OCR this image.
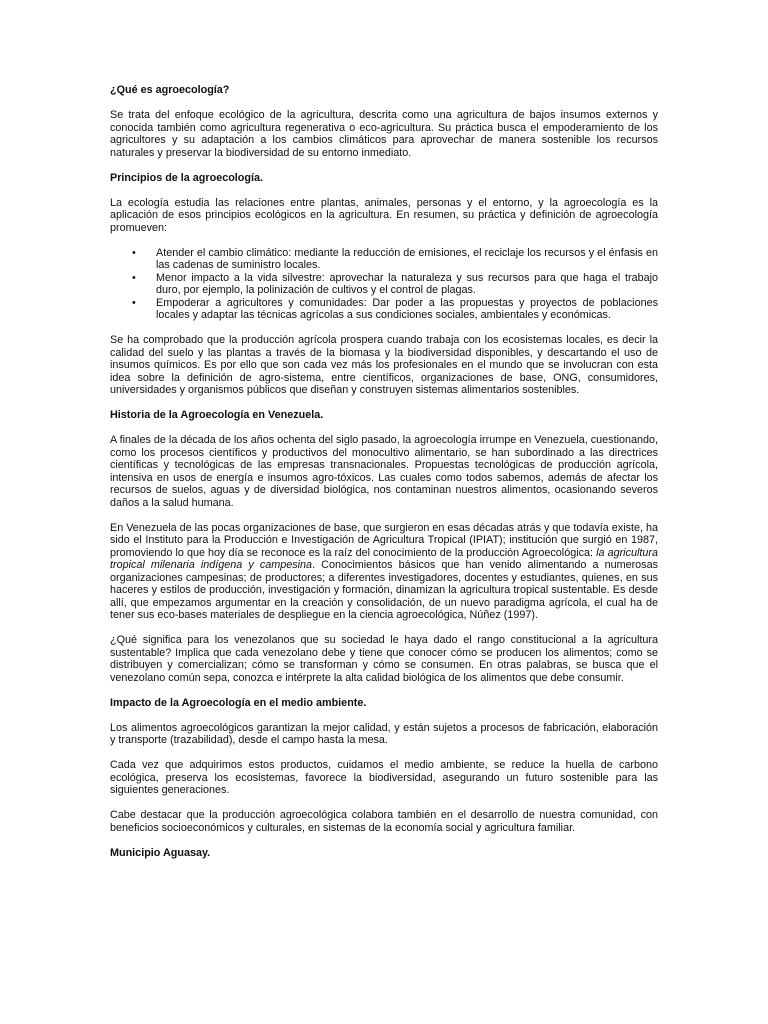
¿Qué es agroecología?

Se trata del enfoque ecológico de la agricultura, descrita como una agricultura de bajos insumos externos y conocida también como agricultura regenerativa o eco-agricultura. Su práctica busca el empoderamiento de los agricultores y su adaptación a los cambios climáticos para aprovechar de manera sostenible los recursos naturales y preservar la biodiversidad de su entorno inmediato.

Principios de la agroecología.

La ecología estudia las relaciones entre plantas, animales, personas y el entorno, y la agroecología es la aplicación de esos principios ecológicos en la agricultura. En resumen, su práctica y definición de agroecología promueven:

• Atender el cambio climático: mediante la reducción de emisiones, el reciclaje los recursos y el énfasis en las cadenas de suministro locales.
• Menor impacto a la vida silvestre: aprovechar la naturaleza y sus recursos para que haga el trabajo duro, por ejemplo, la polinización de cultivos y el control de plagas.
• Empoderar a agricultores y comunidades: Dar poder a las propuestas y proyectos de poblaciones locales y adaptar las técnicas agrícolas a sus condiciones sociales, ambientales y económicas.

Se ha comprobado que la producción agrícola prospera cuando trabaja con los ecosistemas locales, es decir la calidad del suelo y las plantas a través de la biomasa y la biodiversidad disponibles, y descartando el uso de insumos químicos. Es por ello que son cada vez más los profesionales en el mundo que se involucran con esta idea sobre la definición de agro-sistema, entre científicos, organizaciones de base, ONG, consumidores, universidades y organismos públicos que diseñan y construyen sistemas alimentarios sostenibles.

Historia de la Agroecología en Venezuela.

A finales de la década de los años ochenta del siglo pasado, la agroecología irrumpe en Venezuela, cuestionando, como los procesos científicos y productivos del monocultivo alimentario, se han subordinado a las directrices científicas y tecnológicas de las empresas transnacionales. Propuestas tecnológicas de producción agrícola, intensiva en usos de energía e insumos agro-tóxicos. Las cuales como todos sabemos, además de afectar los recursos de suelos, aguas y de diversidad biológica, nos contaminan nuestros alimentos, ocasionando severos daños a la salud humana.

En Venezuela de las pocas organizaciones de base, que surgieron en esas décadas atrás y que todavía existe, ha sido el Instituto para la Producción e Investigación de Agricultura Tropical (IPIAT); institución que surgió en 1987, promoviendo lo que hoy día se reconoce es la raíz del conocimiento de la producción Agroecológica: la agricultura tropical milenaria indígena y campesina. Conocimientos básicos que han venido alimentando a numerosas organizaciones campesinas; de productores; a diferentes investigadores, docentes y estudiantes, quienes, en sus haceres y estilos de producción, investigación y formación, dinamizan la agricultura tropical sustentable. Es desde allí, que empezamos argumentar en la creación y consolidación, de un nuevo paradigma agrícola, el cual ha de tener sus eco-bases materiales de despliegue en la ciencia agroecológica, Núñez (1997).

¿Qué significa para los venezolanos que su sociedad le haya dado el rango constitucional a la agricultura sustentable? Implica que cada venezolano debe y tiene que conocer cómo se producen los alimentos; como se distribuyen y comercializan; cómo se transforman y cómo se consumen. En otras palabras, se busca que el venezolano común sepa, conozca e intérprete la alta calidad biológica de los alimentos que debe consumir.

Impacto de la Agroecología en el medio ambiente.

Los alimentos agroecológicos garantizan la mejor calidad, y están sujetos a procesos de fabricación, elaboración y transporte (trazabilidad), desde el campo hasta la mesa.

Cada vez que adquirimos estos productos, cuidamos el medio ambiente, se reduce la huella de carbono ecológica, preserva los ecosistemas, favorece la biodiversidad, asegurando un futuro sostenible para las siguientes generaciones.

Cabe destacar que la producción agroecológica colabora también en el desarrollo de nuestra comunidad, con beneficios socioeconómicos y culturales, en sistemas de la economía social y agricultura familiar.

Municipio Aguasay.
